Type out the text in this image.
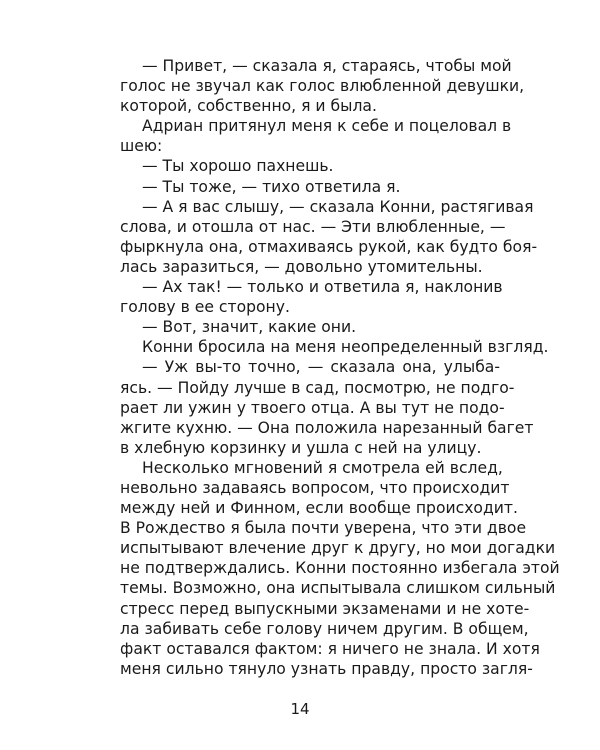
— Привет, — сказала я, стараясь, чтобы мой
голос не звучал как голос влюбленной девушки,
которой, собственно, я и была.
Адриан притянул меня к себе и поцеловал в
шею:
— Ты хорошо пахнешь.
— Ты тоже, — тихо ответила я.
— А я вас слышу, — сказала Конни, растягивая
слова, и отошла от нас. — Эти влюбленные, —
фыркнула она, отмахиваясь рукой, как будто боя-
лась заразиться, — довольно утомительны.
— Ах так! — только и ответила я, наклонив
голову в ее сторону.
— Вот, значит, какие они.
Конни бросила на меня неопределенный взгляд.
— Уж вы-то точно, — сказала она, улыба-
ясь. — Пойду лучше в сад, посмотрю, не подго-
рает ли ужин у твоего отца. А вы тут не подо-
жгите кухню. — Она положила нарезанный багет
в хлебную корзинку и ушла с ней на улицу.
Несколько мгновений я смотрела ей вслед,
невольно задаваясь вопросом, что происходит
между ней и Финном, если вообще происходит.
В Рождество я была почти уверена, что эти двое
испытывают влечение друг к другу, но мои догадки
не подтверждались. Конни постоянно избегала этой
темы. Возможно, она испытывала слишком сильный
стресс перед выпускными экзаменами и не хоте-
ла забивать себе голову ничем другим. В общем,
факт оставался фактом: я ничего не знала. И хотя
меня сильно тянуло узнать правду, просто загля-
14
